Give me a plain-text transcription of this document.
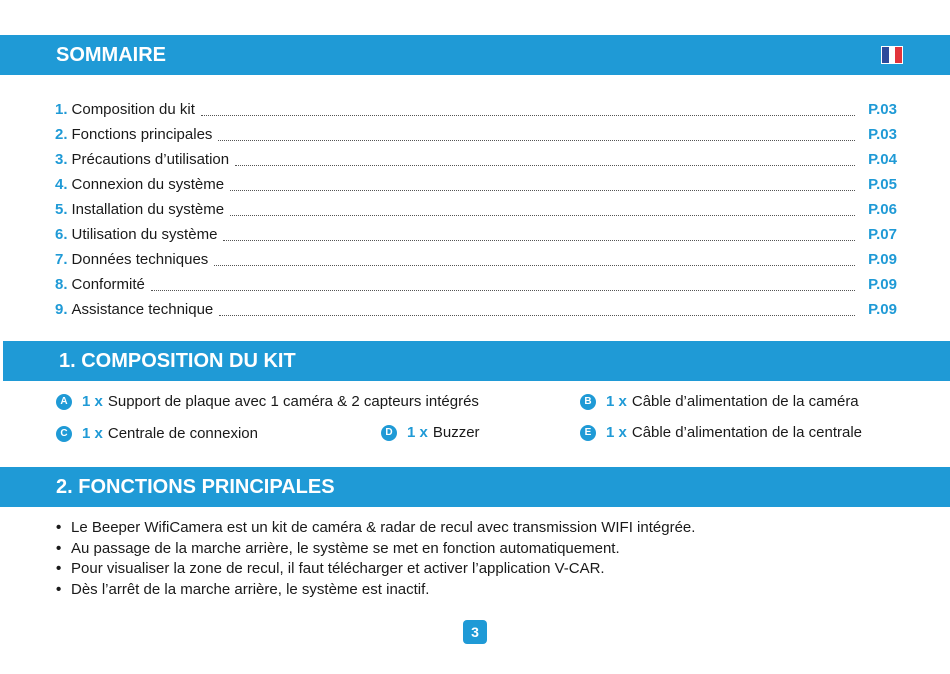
SOMMAIRE
1. Composition du kit	P.03
2. Fonctions principales	P.03
3. Précautions d’utilisation	P.04
4. Connexion du système	P.05
5. Installation du système	P.06
6. Utilisation du système	P.07
7. Données techniques	P.09
8. Conformité	P.09
9. Assistance technique	P.09
1. COMPOSITION DU KIT
A 1 x Support de plaque avec 1 caméra & 2 capteurs intégrés	B 1 x Câble d’alimentation de la caméra
C 1 x Centrale de connexion	D 1 x Buzzer	E 1 x Câble d’alimentation de la centrale
2. FONCTIONS PRINCIPALES
• Le Beeper WifiCamera est un kit de caméra & radar de recul avec transmission WIFI intégrée.
• Au passage de la marche arrière, le système se met en fonction automatiquement.
• Pour visualiser la zone de recul, il faut télécharger et activer l’application V-CAR.
• Dès l’arrêt de la marche arrière, le système est inactif.
3
